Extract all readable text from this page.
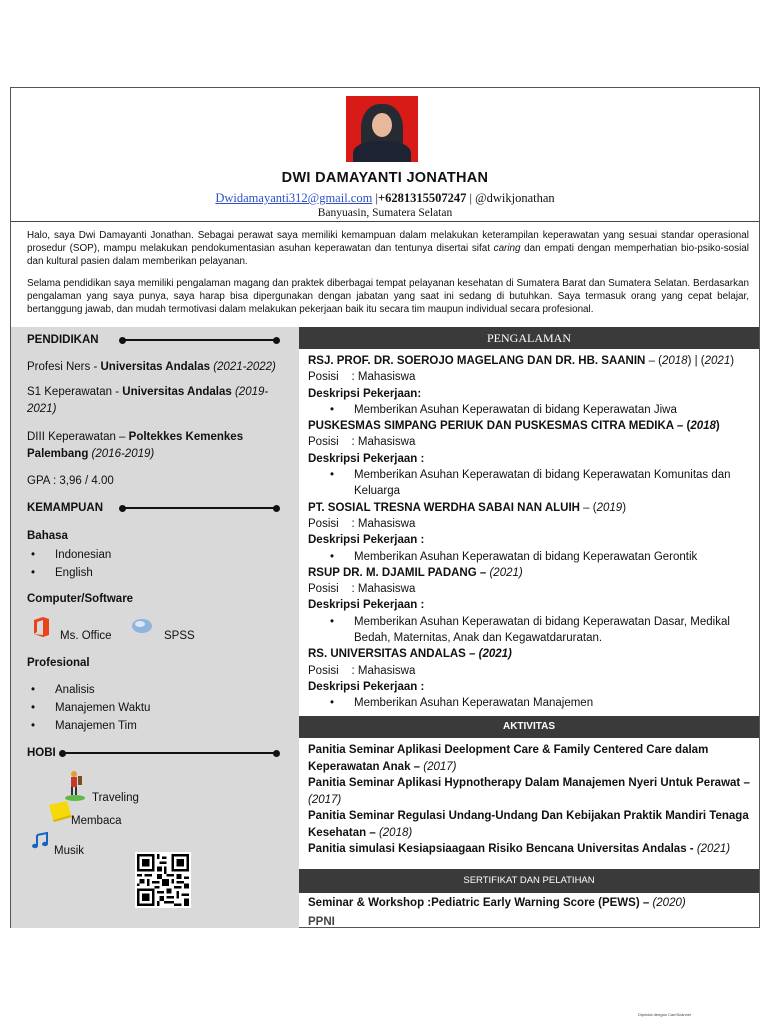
DWI DAMAYANTI JONATHAN
Dwidamayanti312@gmail.com |+6281315507247 | @dwikjonathan
Banyuasin, Sumatera Selatan

Halo, saya Dwi Damayanti Jonathan. Sebagai perawat saya memiliki kemampuan dalam melakukan keterampilan keperawatan yang sesuai standar operasional prosedur (SOP), mampu melakukan pendokumentasian asuhan keperawatan dan tentunya disertai sifat caring dan empati dengan memperhatian bio-psiko-sosial dan kultural pasien dalam memberikan pelayanan.

Selama pendidikan saya memiliki pengalaman magang dan praktek diberbagai tempat pelayanan kesehatan di Sumatera Barat dan Sumatera Selatan. Berdasarkan pengalaman yang saya punya, saya harap bisa dipergunakan dengan jabatan yang saat ini sedang di butuhkan. Saya termasuk orang yang cepat belajar, bertanggung jawab, dan mudah termotivasi dalam melakukan pekerjaan baik itu secara tim maupun individual secara profesional.

PENDIDIKAN
Profesi Ners - Universitas Andalas (2021-2022)
S1 Keperawatan - Universitas Andalas (2019-2021)
DIII Keperawatan – Poltekkes Kemenkes Palembang (2016-2019)
GPA : 3,96 / 4.00
KEMAMPUAN
Bahasa
• Indonesian
• English
Computer/Software
Ms. Office	SPSS
Profesional
• Analisis
• Manajemen Waktu
• Manajemen Tim
HOBI
Traveling
Membaca
Musik
PENGALAMAN
RSJ. PROF. DR. SOEROJO MAGELANG DAN DR. HB. SAANIN – (2018) | (2021)
Posisi : Mahasiswa
Deskripsi Pekerjaan:
• Memberikan Asuhan Keperawatan di bidang Keperawatan Jiwa
PUSKESMAS SIMPANG PERIUK DAN PUSKESMAS CITRA MEDIKA – (2018)
Posisi : Mahasiswa
Deskripsi Pekerjaan :
• Memberikan Asuhan Keperawatan di bidang Keperawatan Komunitas dan Keluarga
PT. SOSIAL TRESNA WERDHA SABAI NAN ALUIH – (2019)
Posisi : Mahasiswa
Deskripsi Pekerjaan :
• Memberikan Asuhan Keperawatan di bidang Keperawatan Gerontik
RSUP DR. M. DJAMIL PADANG – (2021)
Posisi : Mahasiswa
Deskripsi Pekerjaan :
• Memberikan Asuhan Keperawatan di bidang Keperawatan Dasar, Medikal Bedah, Maternitas, Anak dan Kegawatdaruratan.
RS. UNIVERSITAS ANDALAS – (2021)
Posisi : Mahasiswa
Deskripsi Pekerjaan :
• Memberikan Asuhan Keperawatan Manajemen
AKTIVITAS
Panitia Seminar Aplikasi Deelopment Care & Family Centered Care dalam Keperawatan Anak – (2017)
Panitia Seminar Aplikasi Hypnotherapy Dalam Manajemen Nyeri Untuk Perawat – (2017)
Panitia Seminar Regulasi Undang-Undang Dan Kebijakan Praktik Mandiri Tenaga Kesehatan – (2018)
Panitia simulasi Kesiapsiaagaan Risiko Bencana Universitas Andalas - (2021)
SERTIFIKAT DAN PELATIHAN
Seminar & Workshop :Pediatric Early Warning Score (PEWS) – (2020)
PPNI
Dipindai dengan CamScanner
